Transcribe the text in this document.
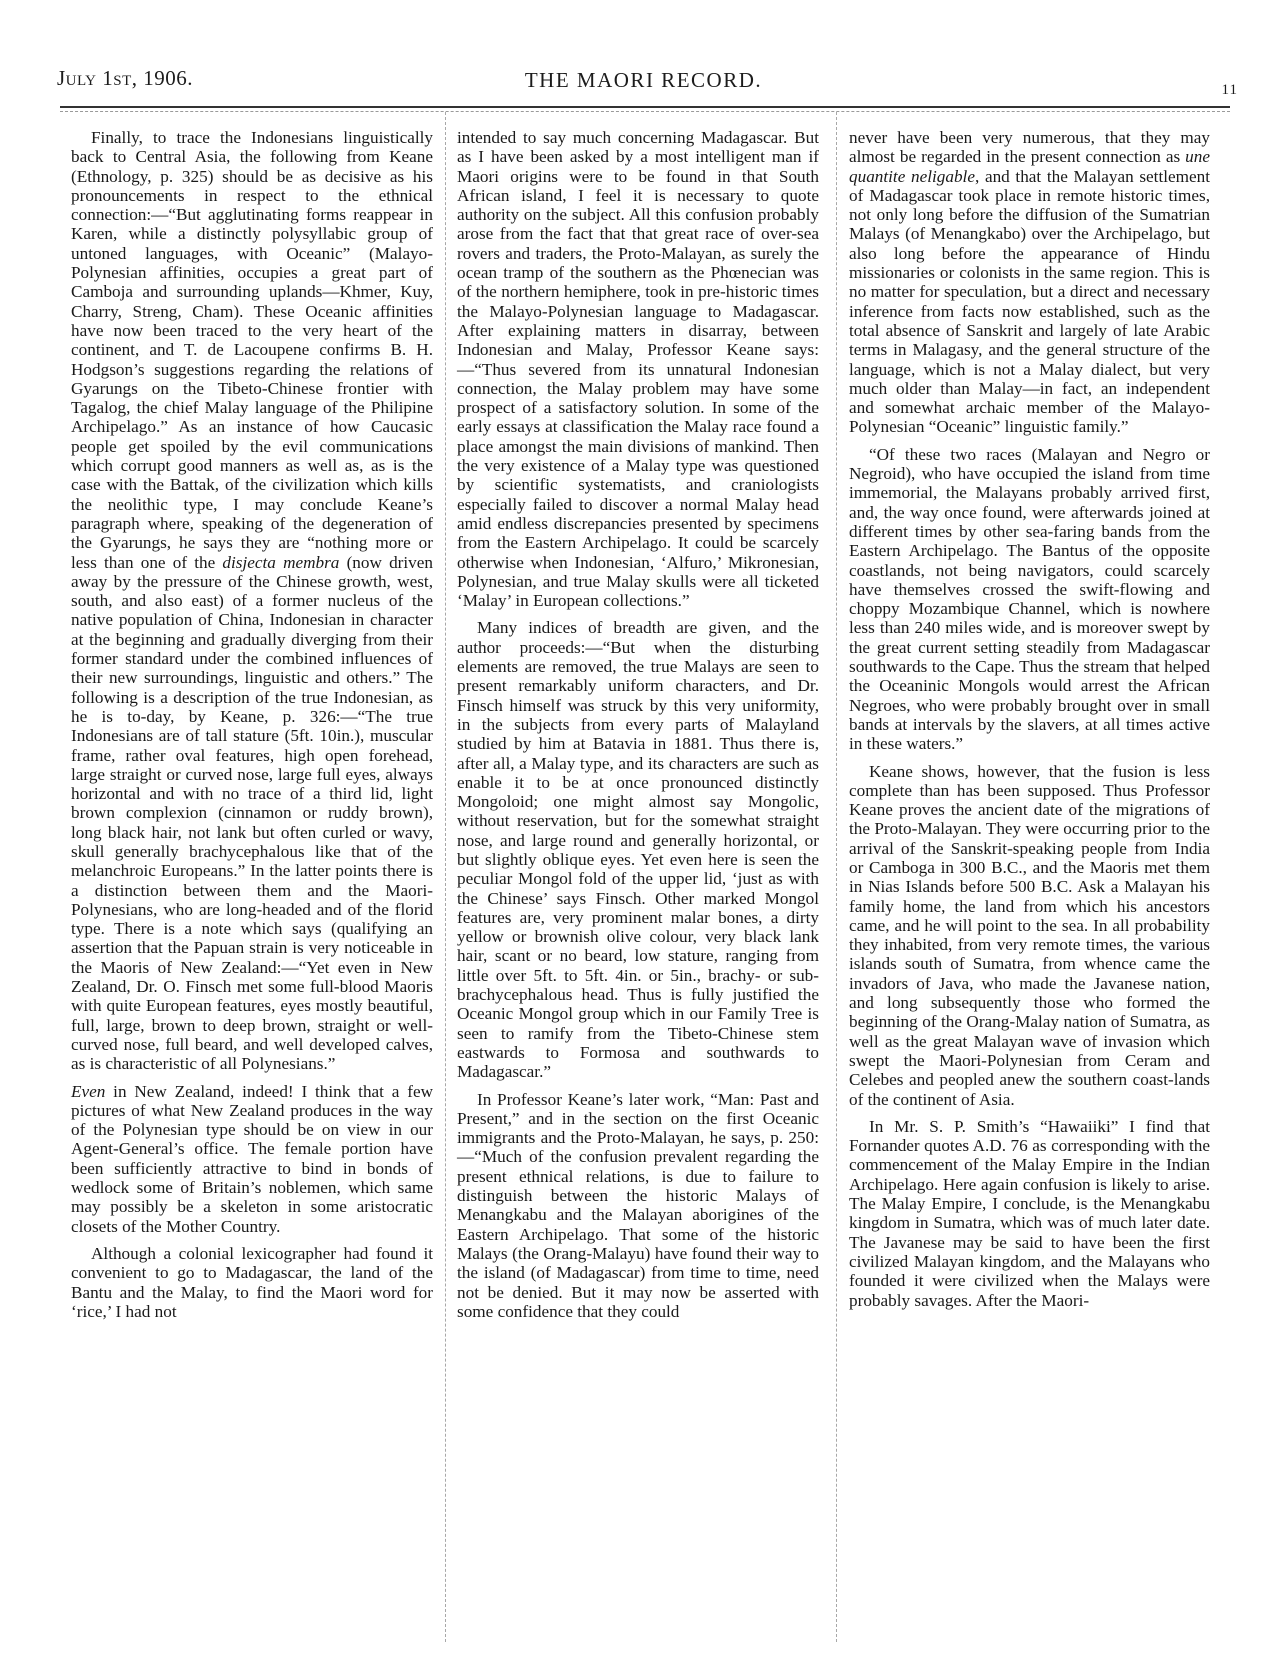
July 1st, 1906.	THE MAORI RECORD.	11

Finally, to trace the Indonesians linguistically back to Central Asia, the following from Keane (Ethnology, p. 325) should be as decisive as his pronouncements in respect to the ethnical connection:—“But agglutinating forms reappear in Karen, while a distinctly polysyllabic group of untoned languages, with Oceanic” (Malayo-Polynesian affinities, occupies a great part of Camboja and surrounding uplands—Khmer, Kuy, Charry, Streng, Cham). These Oceanic affinities have now been traced to the very heart of the continent, and T. de Lacoupene confirms B. H. Hodgson’s suggestions regarding the relations of Gyarungs on the Tibeto-Chinese frontier with Tagalog, the chief Malay language of the Philipine Archipelago.” As an instance of how Caucasic people get spoiled by the evil communications which corrupt good manners as well as, as is the case with the Battak, of the civilization which kills the neolithic type, I may conclude Keane’s paragraph where, speaking of the degeneration of the Gyarungs, he says they are “nothing more or less than one of the disjecta membra (now driven away by the pressure of the Chinese growth, west, south, and also east) of a former nucleus of the native population of China, Indonesian in character at the beginning and gradually diverging from their former standard under the combined influences of their new surroundings, linguistic and others.” The following is a description of the true Indonesian, as he is to-day, by Keane, p. 326:—“The true Indonesians are of tall stature (5ft. 10in.), muscular frame, rather oval features, high open forehead, large straight or curved nose, large full eyes, always horizontal and with no trace of a third lid, light brown complexion (cinnamon or ruddy brown), long black hair, not lank but often curled or wavy, skull generally brachycephalous like that of the melanchroic Europeans.” In the latter points there is a distinction between them and the Maori-Polynesians, who are long-headed and of the florid type. There is a note which says (qualifying an assertion that the Papuan strain is very noticeable in the Maoris of New Zealand:—“Yet even in New Zealand, Dr. O. Finsch met some full-blood Maoris with quite European features, eyes mostly beautiful, full, large, brown to deep brown, straight or well-curved nose, full beard, and well developed calves, as is characteristic of all Polynesians.”

Even in New Zealand, indeed! I think that a few pictures of what New Zealand produces in the way of the Polynesian type should be on view in our Agent-General’s office. The female portion have been sufficiently attractive to bind in bonds of wedlock some of Britain’s noblemen, which same may possibly be a skeleton in some aristocratic closets of the Mother Country.

Although a colonial lexicographer had found it convenient to go to Madagascar, the land of the Bantu and the Malay, to find the Maori word for ‘rice,’ I had not

intended to say much concerning Madagascar. But as I have been asked by a most intelligent man if Maori origins were to be found in that South African island, I feel it is necessary to quote authority on the subject. All this confusion probably arose from the fact that that great race of over-sea rovers and traders, the Proto-Malayan, as surely the ocean tramp of the southern as the Phœnecian was of the northern hemiphere, took in pre-historic times the Malayo-Polynesian language to Madagascar. After explaining matters in disarray, between Indonesian and Malay, Professor Keane says:—“Thus severed from its unnatural Indonesian connection, the Malay problem may have some prospect of a satisfactory solution. In some of the early essays at classification the Malay race found a place amongst the main divisions of mankind. Then the very existence of a Malay type was questioned by scientific systematists, and craniologists especially failed to discover a normal Malay head amid endless discrepancies presented by specimens from the Eastern Archipelago. It could be scarcely otherwise when Indonesian, ‘Alfuro,’ Mikronesian, Polynesian, and true Malay skulls were all ticketed ‘Malay’ in European collections.”

Many indices of breadth are given, and the author proceeds:—“But when the disturbing elements are removed, the true Malays are seen to present remarkably uniform characters, and Dr. Finsch himself was struck by this very uniformity, in the subjects from every parts of Malayland studied by him at Batavia in 1881. Thus there is, after all, a Malay type, and its characters are such as enable it to be at once pronounced distinctly Mongoloid; one might almost say Mongolic, without reservation, but for the somewhat straight nose, and large round and generally horizontal, or but slightly oblique eyes. Yet even here is seen the peculiar Mongol fold of the upper lid, ‘just as with the Chinese’ says Finsch. Other marked Mongol features are, very prominent malar bones, a dirty yellow or brownish olive colour, very black lank hair, scant or no beard, low stature, ranging from little over 5ft. to 5ft. 4in. or 5in., brachy- or sub-brachycephalous head. Thus is fully justified the Oceanic Mongol group which in our Family Tree is seen to ramify from the Tibeto-Chinese stem eastwards to Formosa and southwards to Madagascar.”

In Professor Keane’s later work, “Man: Past and Present,” and in the section on the first Oceanic immigrants and the Proto-Malayan, he says, p. 250:—“Much of the confusion prevalent regarding the present ethnical relations, is due to failure to distinguish between the historic Malays of Menangkabu and the Malayan aborigines of the Eastern Archipelago. That some of the historic Malays (the Orang-Malayu) have found their way to the island (of Madagascar) from time to time, need not be denied. But it may now be asserted with some confidence that they could

never have been very numerous, that they may almost be regarded in the present connection as une quantite neligable, and that the Malayan settlement of Madagascar took place in remote historic times, not only long before the diffusion of the Sumatrian Malays (of Menangkabo) over the Archipelago, but also long before the appearance of Hindu missionaries or colonists in the same region. This is no matter for speculation, but a direct and necessary inference from facts now established, such as the total absence of Sanskrit and largely of late Arabic terms in Malagasy, and the general structure of the language, which is not a Malay dialect, but very much older than Malay—in fact, an independent and somewhat archaic member of the Malayo-Polynesian “Oceanic” linguistic family.”

“Of these two races (Malayan and Negro or Negroid), who have occupied the island from time immemorial, the Malayans probably arrived first, and, the way once found, were afterwards joined at different times by other sea-faring bands from the Eastern Archipelago. The Bantus of the opposite coastlands, not being navigators, could scarcely have themselves crossed the swift-flowing and choppy Mozambique Channel, which is nowhere less than 240 miles wide, and is moreover swept by the great current setting steadily from Madagascar southwards to the Cape. Thus the stream that helped the Oceaninic Mongols would arrest the African Negroes, who were probably brought over in small bands at intervals by the slavers, at all times active in these waters.”

Keane shows, however, that the fusion is less complete than has been supposed. Thus Professor Keane proves the ancient date of the migrations of the Proto-Malayan. They were occurring prior to the arrival of the Sanskrit-speaking people from India or Camboga in 300 B.C., and the Maoris met them in Nias Islands before 500 B.C. Ask a Malayan his family home, the land from which his ancestors came, and he will point to the sea. In all probability they inhabited, from very remote times, the various islands south of Sumatra, from whence came the invadors of Java, who made the Javanese nation, and long subsequently those who formed the beginning of the Orang-Malay nation of Sumatra, as well as the great Malayan wave of invasion which swept the Maori-Polynesian from Ceram and Celebes and peopled anew the southern coast-lands of the continent of Asia.

In Mr. S. P. Smith’s “Hawaiiki” I find that Fornander quotes A.D. 76 as corresponding with the commencement of the Malay Empire in the Indian Archipelago. Here again confusion is likely to arise. The Malay Empire, I conclude, is the Menangkabu kingdom in Sumatra, which was of much later date. The Javanese may be said to have been the first civilized Malayan kingdom, and the Malayans who founded it were civilized when the Malays were probably savages. After the Maori-
